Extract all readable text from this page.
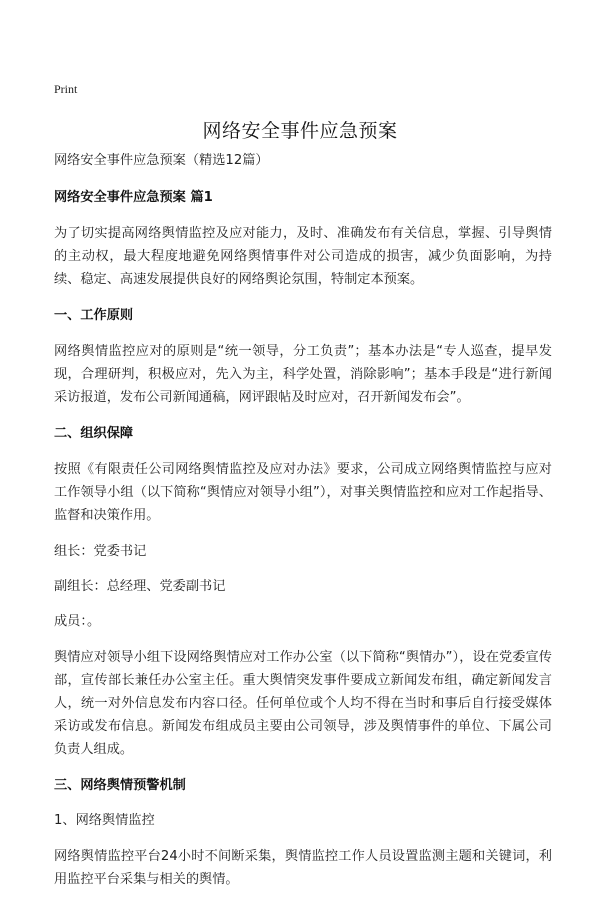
Print
网络安全事件应急预案
网络安全事件应急预案（精选12篇）
网络安全事件应急预案 篇1
为了切实提高网络舆情监控及应对能力，及时、准确发布有关信息，掌握、引导舆情的主动权，最大程度地避免网络舆情事件对公司造成的损害，减少负面影响，为持续、稳定、高速发展提供良好的网络舆论氛围，特制定本预案。
一、工作原则
网络舆情监控应对的原则是“统一领导，分工负责”；基本办法是“专人巡查，提早发现，合理研判，积极应对，先入为主，科学处置，消除影响”；基本手段是“进行新闻采访报道，发布公司新闻通稿，网评跟帖及时应对，召开新闻发布会”。
二、组织保障
按照《有限责任公司网络舆情监控及应对办法》要求，公司成立网络舆情监控与应对工作领导小组（以下简称“舆情应对领导小组”），对事关舆情监控和应对工作起指导、监督和决策作用。
组长：党委书记
副组长：总经理、党委副书记
成员：。
舆情应对领导小组下设网络舆情应对工作办公室（以下简称“舆情办”），设在党委宣传部，宣传部长兼任办公室主任。重大舆情突发事件要成立新闻发布组，确定新闻发言人，统一对外信息发布内容口径。任何单位或个人均不得在当时和事后自行接受媒体采访或发布信息。新闻发布组成员主要由公司领导，涉及舆情事件的单位、下属公司负责人组成。
三、网络舆情预警机制
1、网络舆情监控
网络舆情监控平台24小时不间断采集，舆情监控工作人员设置监测主题和关键词，利用监控平台采集与相关的舆情。
